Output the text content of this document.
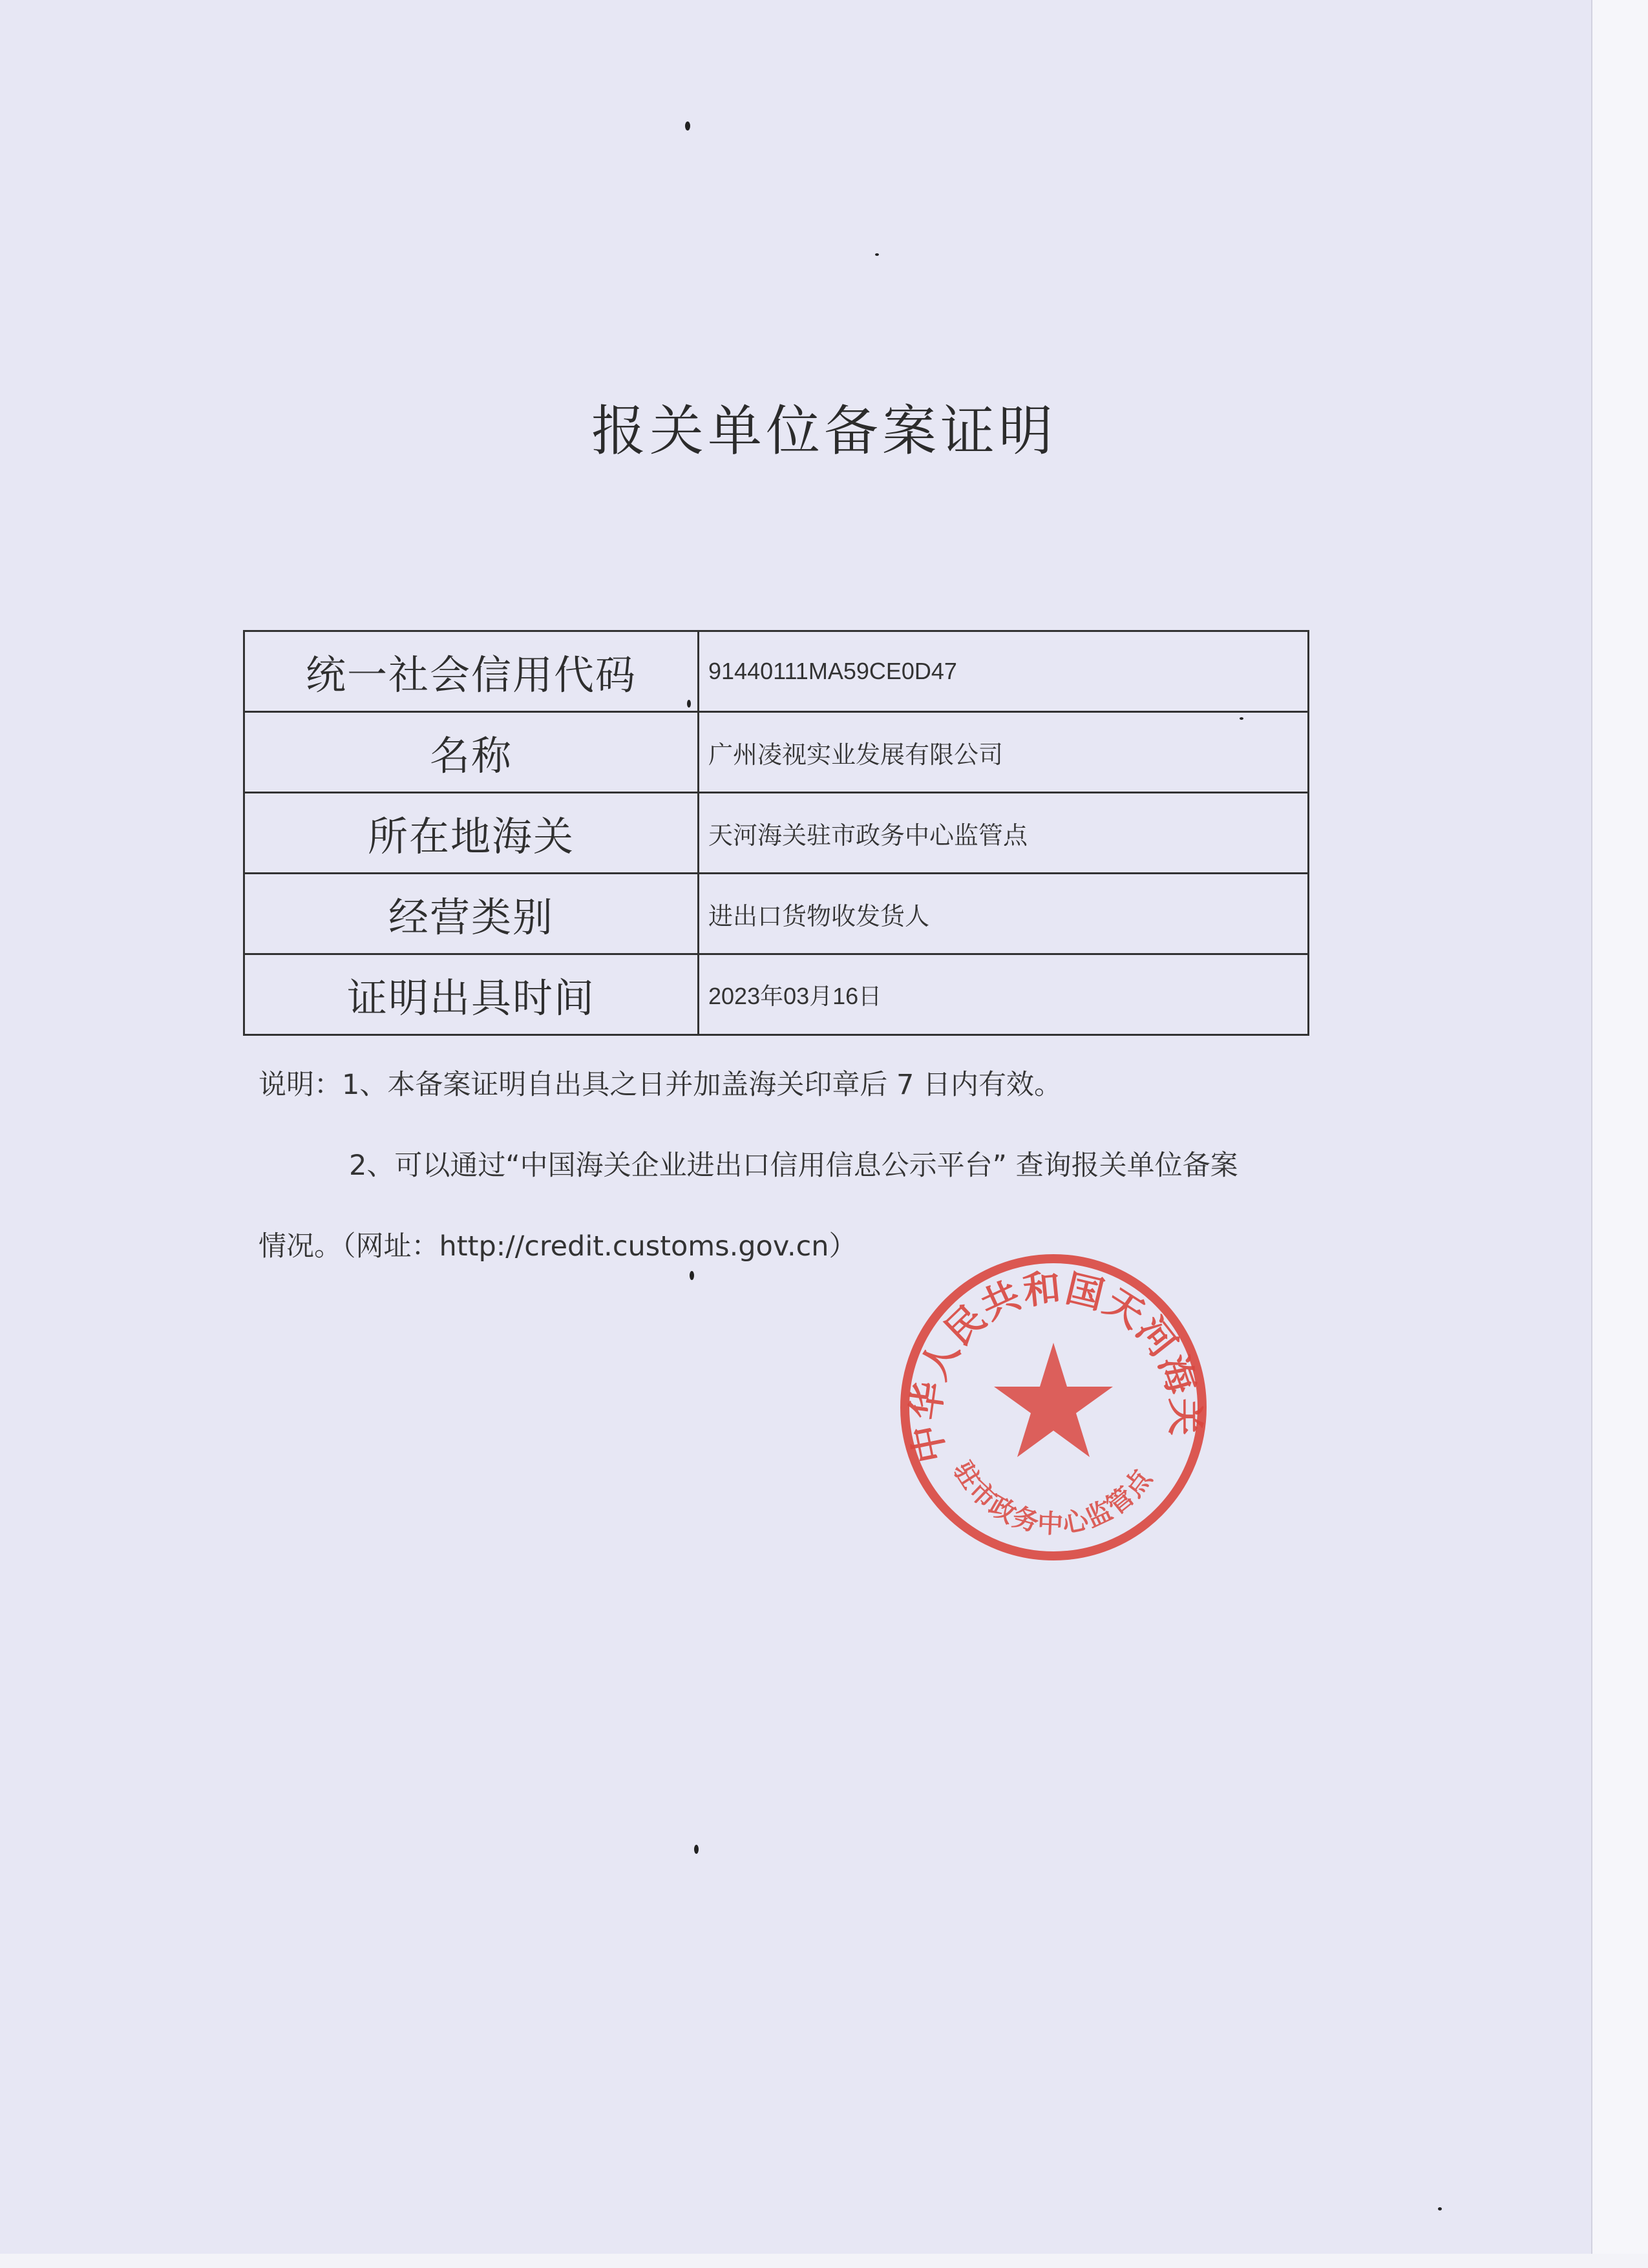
报关单位备案证明
统一社会信用代码	91440111MA59CE0D47
名称	广州凌视实业发展有限公司
所在地海关	天河海关驻市政务中心监管点
经营类别	进出口货物收发货人
证明出具时间	2023年03月16日
说明：1、本备案证明自出具之日并加盖海关印章后 7 日内有效。
2、可以通过“中国海关企业进出口信用信息公示平台” 查询报关单位备案
情况。（网址：http://credit.customs.gov.cn）
中华人民共和国天河海关
驻市政务中心监管点
